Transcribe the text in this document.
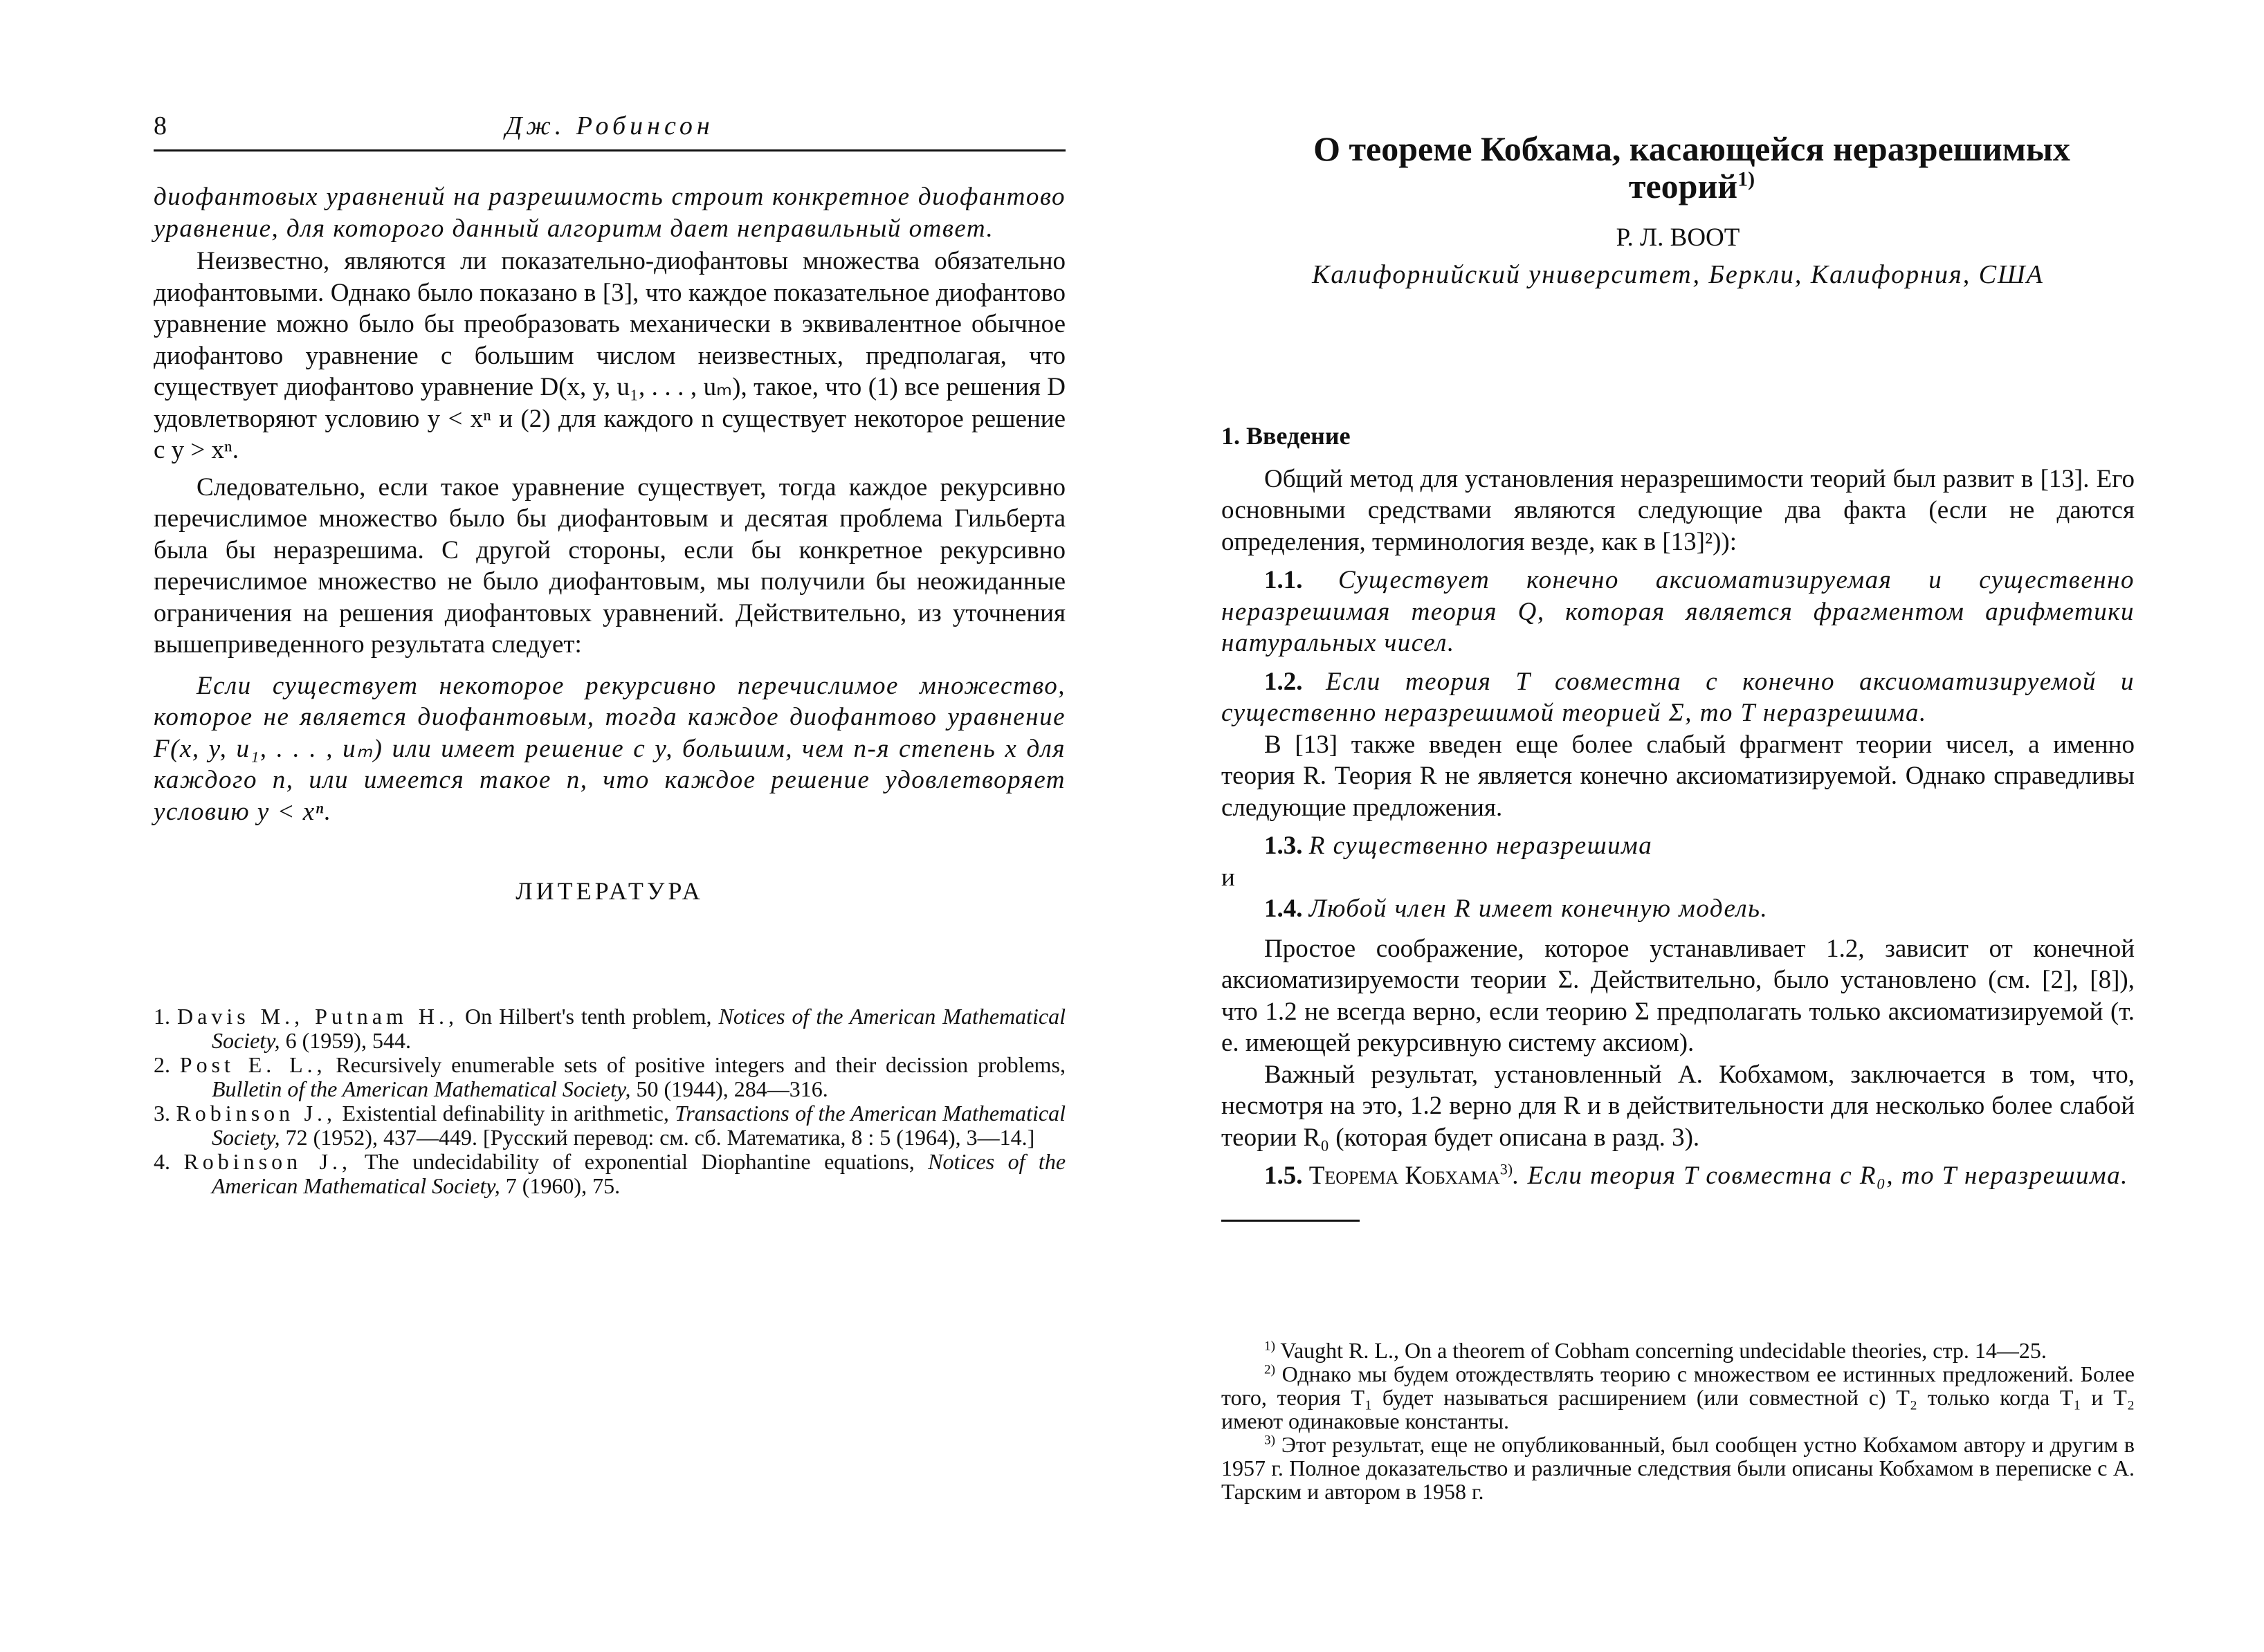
8	Дж. Робинсон

диофантовых уравнений на разрешимость строит конкретное диофантово уравнение, для которого данный алгоритм дает неправильный ответ.

Неизвестно, являются ли показательно-диофантовы множества обязательно диофантовыми. Однако было показано в [3], что каждое показательное диофантово уравнение можно было бы преобразовать механически в эквивалентное обычное диофантово уравнение с большим числом неизвестных, предполагая, что существует диофантово уравнение D(x, y, u₁, . . . , uₘ), такое, что (1) все решения D удовлетворяют условию y < xⁿ и (2) для каждого n существует некоторое решение с y > xⁿ.

Следовательно, если такое уравнение существует, тогда каждое рекурсивно перечислимое множество было бы диофантовым и десятая проблема Гильберта была бы неразрешима. С другой стороны, если бы конкретное рекурсивно перечислимое множество не было диофантовым, мы получили бы неожиданные ограничения на решения диофантовых уравнений. Действительно, из уточнения вышеприведенного результата следует:

Если существует некоторое рекурсивно перечислимое множество, которое не является диофантовым, тогда каждое диофантово уравнение F(x, y, u₁, . . . , uₘ) или имеет решение с y, большим, чем n-я степень x для каждого n, или имеется такое n, что каждое решение удовлетворяет условию y < xⁿ.

ЛИТЕРАТУРА

1. Davis M., Putnam H., On Hilbert's tenth problem, Notices of the American Mathematical Society, 6 (1959), 544.

2. Post E. L., Recursively enumerable sets of positive integers and their decission problems, Bulletin of the American Mathematical Society, 50 (1944), 284—316.

3. Robinson J., Existential definability in arithmetic, Transactions of the American Mathematical Society, 72 (1952), 437—449. [Русский перевод: см. сб. Математика, 8 : 5 (1964), 3—14.]

4. Robinson J., The undecidability of exponential Diophantine equations, Notices of the American Mathematical Society, 7 (1960), 75.

О теореме Кобхама, касающейся неразрешимых теорий$^{1)}$
Р. Л. ВООТ
Калифорнийский университет, Беркли, Калифорния, США

1. Введение

Общий метод для установления неразрешимости теорий был развит в [13]. Его основными средствами являются следующие два факта (если не даются определения, терминология везде, как в [13]²)):

1.1. Существует конечно аксиоматизируемая и существенно неразрешимая теория Q, которая является фрагментом арифметики натуральных чисел.

1.2. Если теория T совместна с конечно аксиоматизируемой и существенно неразрешимой теорией Σ, то T неразрешима.

В [13] также введен еще более слабый фрагмент теории чисел, а именно теория R. Теория R не является конечно аксиоматизируемой. Однако справедливы следующие предложения.

1.3. R существенно неразрешима

и

1.4. Любой член R имеет конечную модель.

Простое соображение, которое устанавливает 1.2, зависит от конечной аксиоматизируемости теории Σ. Действительно, было установлено (см. [2], [8]), что 1.2 не всегда верно, если теорию Σ предполагать только аксиоматизируемой (т. е. имеющей рекурсивную систему аксиом).

Важный результат, установленный А. Кобхамом, заключается в том, что, несмотря на это, 1.2 верно для R и в действительности для несколько более слабой теории R₀ (которая будет описана в разд. 3).

1.5. Теорема Кобхама$^{3)}$. Если теория T совместна с R₀, то T неразрешима.

$^{1)}$ Vaught R. L., On a theorem of Cobham concerning undecidable theories, стр. 14—25.

$^{2)}$ Однако мы будем отождествлять теорию с множеством ее истинных предложений. Более того, теория T₁ будет называться расширением (или совместной с) T₂ только когда T₁ и T₂ имеют одинаковые константы.

$^{3)}$ Этот результат, еще не опубликованный, был сообщен устно Кобхамом автору и другим в 1957 г. Полное доказательство и различные следствия были описаны Кобхамом в переписке с А. Тарским и автором в 1958 г.
